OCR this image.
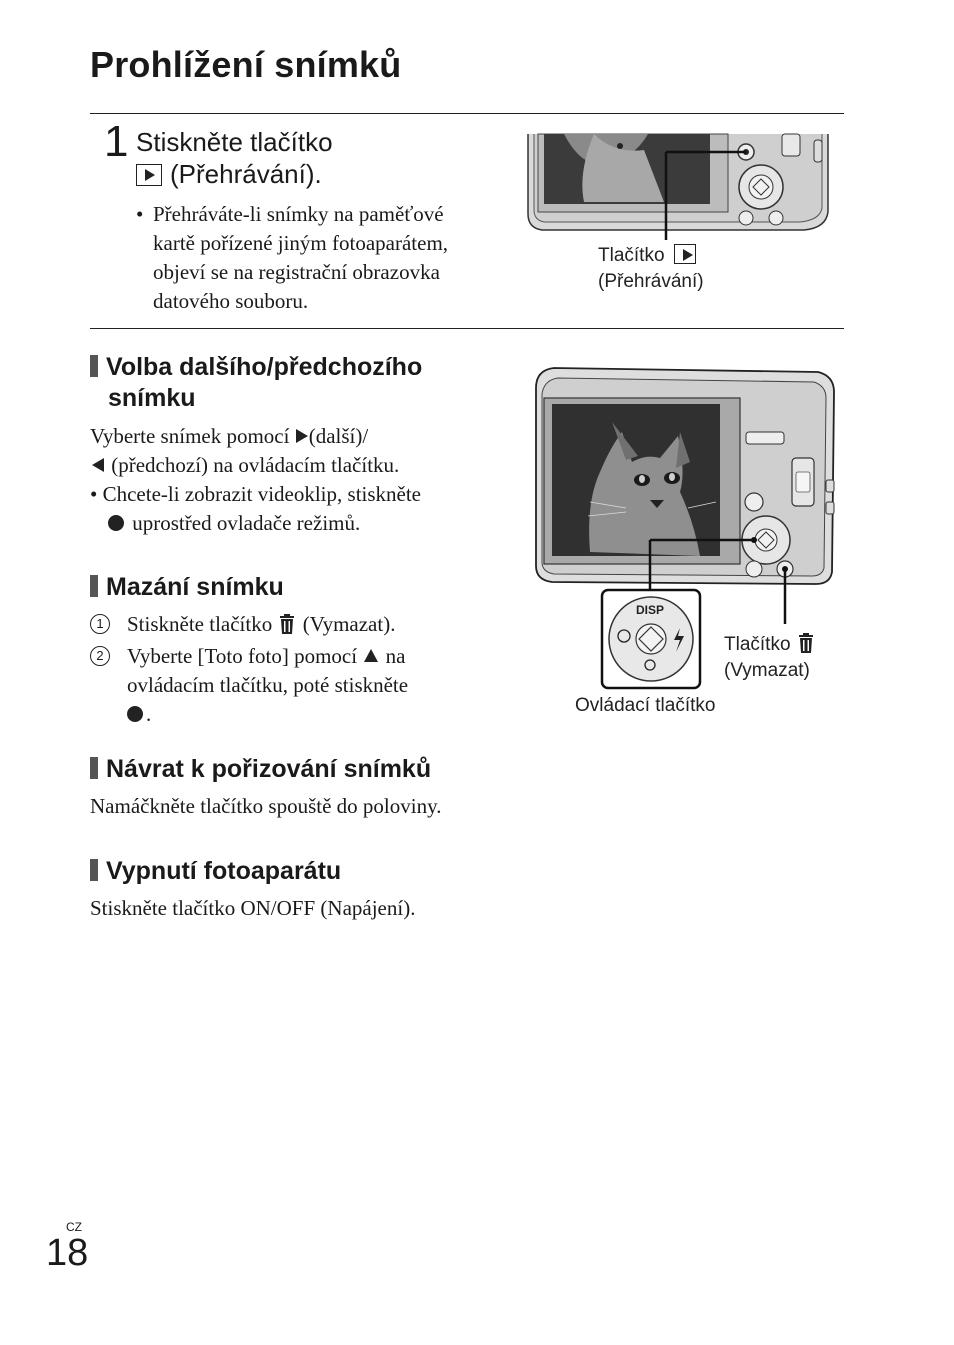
Prohlížení snímků
1 Stiskněte tlačítko
(Přehrávání).
• Přehráváte-li snímky na paměťové
kartě pořízené jiným fotoaparátem,
objeví se na registrační obrazovka
datového souboru.
Tlačítko
(Přehrávání)
Volba dalšího/předchozího
snímku
Vyberte snímek pomocí (další)/
(předchozí) na ovládacím tlačítku.
• Chcete-li zobrazit videoklip, stiskněte
uprostřed ovladače režimů.
Mazání snímku
1	Stiskněte tlačítko  (Vymazat).
2	Vyberte [Toto foto] pomocí  na
ovládacím tlačítku, poté stiskněte
.
Návrat k pořizování snímků
Namáčkněte tlačítko spouště do poloviny.
Vypnutí fotoaparátu
Stiskněte tlačítko ON/OFF (Napájení).
DISP
Tlačítko
(Vymazat)
Ovládací tlačítko
CZ
18
